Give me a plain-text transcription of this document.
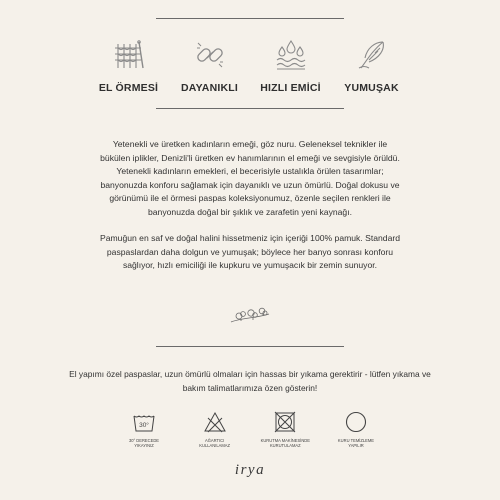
EL ÖRMESİ DAYANIKLI HIZLI EMİCİ YUMUŞAK

Yetenekli ve üretken kadınların emeği, göz nuru. Geleneksel teknikler ile bükülen iplikler, Denizli'li üretken ev hanımlarının el emeği ve sevgisiyle örüldü. Yetenekli kadınların emekleri, el becerisiyle ustalıkla örülen tasarımlar; banyonuzda konforu sağlamak için dayanıklı ve uzun ömürlü. Doğal dokusu ve görünümü ile el örmesi paspas koleksiyonumuz, özenle seçilen renkleri ile banyonuzda doğal bir şıklık ve zarafetin yeni kaynağı.

Pamuğun en saf ve doğal halini hissetmeniz için içeriği 100% pamuk. Standard paspaslardan daha dolgun ve yumuşak; böylece her banyo sonrası konforu sağlıyor, hızlı emiciliği ile kupkuru ve yumuşacık bir zemin sunuyor.

El yapımı özel paspaslar, uzun ömürlü olmaları için hassas bir yıkama gerektirir - lütfen yıkama ve bakım talimatlarımıza özen gösterin!

30°
30° DERECEDE
YIKAYINIZ
AĞARTICI
KULLANILAMAZ
KURUTMA MAKİNESİNDE
KURUTULAMAZ
KURU TEMİZLEME
YAPILIR
irya
